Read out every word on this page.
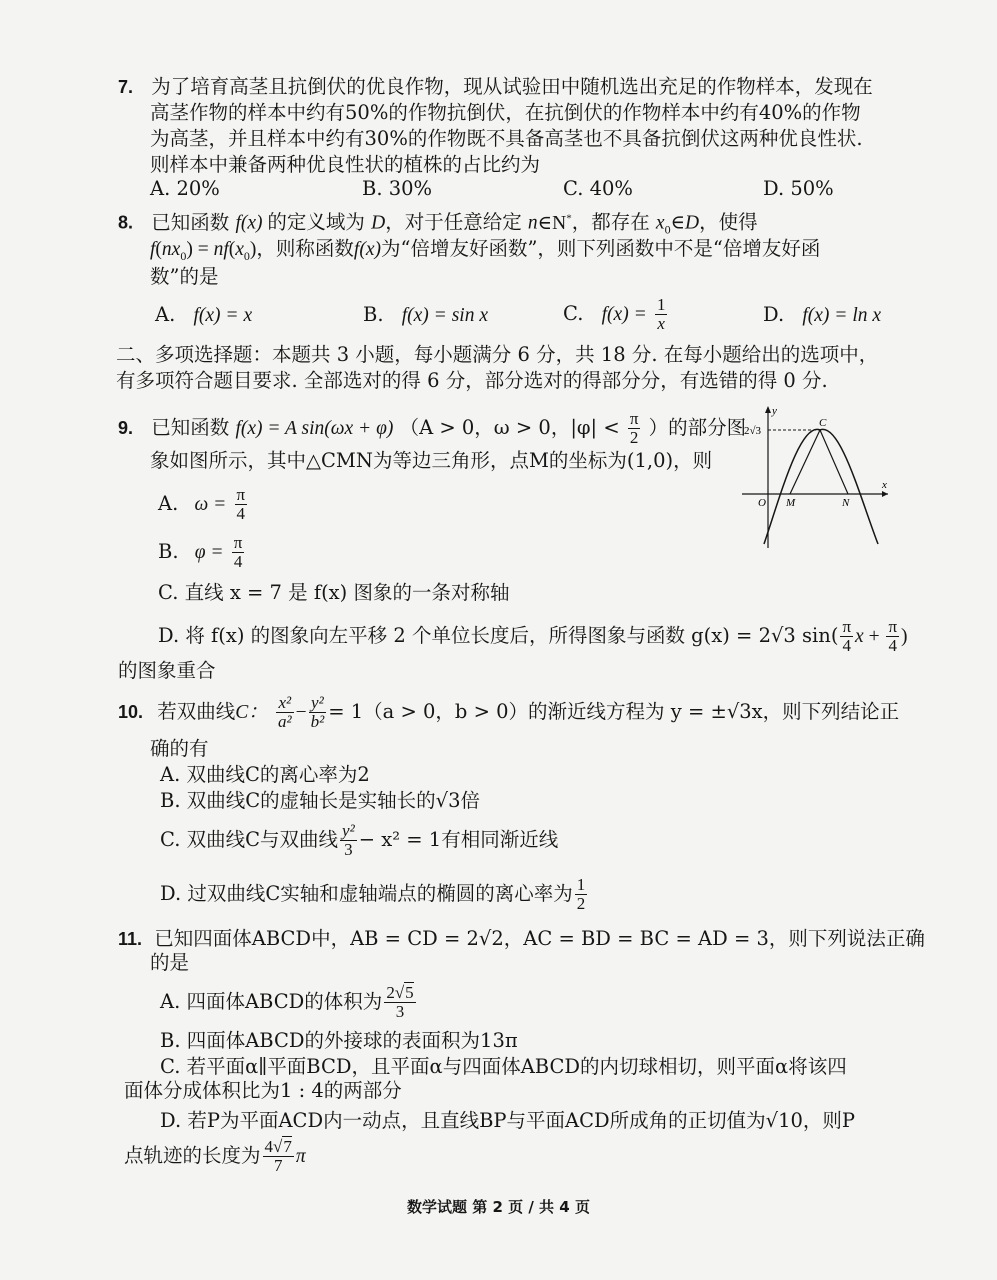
7. 为了培育高茎且抗倒伏的优良作物，现从试验田中随机选出充足的作物样本，发现在
高茎作物的样本中约有50%的作物抗倒伏，在抗倒伏的作物样本中约有40%的作物
为高茎，并且样本中约有30%的作物既不具备高茎也不具备抗倒伏这两种优良性状.
则样本中兼备两种优良性状的植株的占比约为
A. 20%	B. 30%	C. 40%	D. 50%
8. 已知函数 f(x) 的定义域为 D，对于任意给定 n∈N*，都存在 $x_0\in D$，使得
$f(nx_0) = nf(x_0)$，则称函数f(x)为“倍增友好函数”，则下列函数中不是“倍增友好函
数”的是
A. f(x) = x	B. f(x) = sin x	C. $f(x) = \frac{1}{x}$	D. f(x) = ln x
二、多项选择题：本题共 3 小题，每小题满分 6 分，共 18 分. 在每小题给出的选项中，
有多项符合题目要求. 全部选对的得 6 分，部分选对的得部分分，有选错的得 0 分.
9. 已知函数 f(x) = A sin(ωx + φ) （A > 0，ω > 0，$|\varphi| < \frac{\pi}{2}$ ）的部分图
象如图所示，其中△CMN为等边三角形，点M的坐标为(1,0)，则
A. $\omega = \frac{\pi}{4}$
B. $\varphi = \frac{\pi}{4}$
C. 直线 x = 7 是 f(x) 图象的一条对称轴
D. 将 f(x) 的图象向左平移 2 个单位长度后，所得图象与函数 g(x) = 2√3 $\sin( \frac{\pi}{4}$ $x + \frac{\pi}{4}$ )
的图象重合
y
x
2√3
O M	N
C
10. 若双曲线C： $\frac{\text{x²}}{\text{a²}} - \frac{\text{y²}}{\text{b²}} = 1(a > 0$，b > 0）的渐近线方程为 y = ±√3x，则下列结论正
确的有
A. 双曲线C的离心率为2
B. 双曲线C的虚轴长是实轴长的√3倍
C. 双曲线C与双曲线 $\frac{\text{y²}}{3} - x^2 = 1$有相同渐近线
D. 过双曲线C实轴和虚轴端点的椭圆的离心率为 $\frac{1}{2}$
11. 已知四面体ABCD中，AB = CD = 2√2，AC = BD = BC = AD = 3，则下列说法正确
的是
A. 四面体ABCD的体积为 $\frac{2√5}{3}$
B. 四面体ABCD的外接球的表面积为13π
C. 若平面α∥平面BCD，且平面α与四面体ABCD的内切球相切，则平面α将该四
面体分成体积比为1 : 4的两部分
D. 若P为平面ACD内一动点，且直线BP与平面ACD所成角的正切值为√10，则P
点轨迹的长度为 $\frac{4√7}{7}$ π
数学试题 第 2 页 / 共 4 页
